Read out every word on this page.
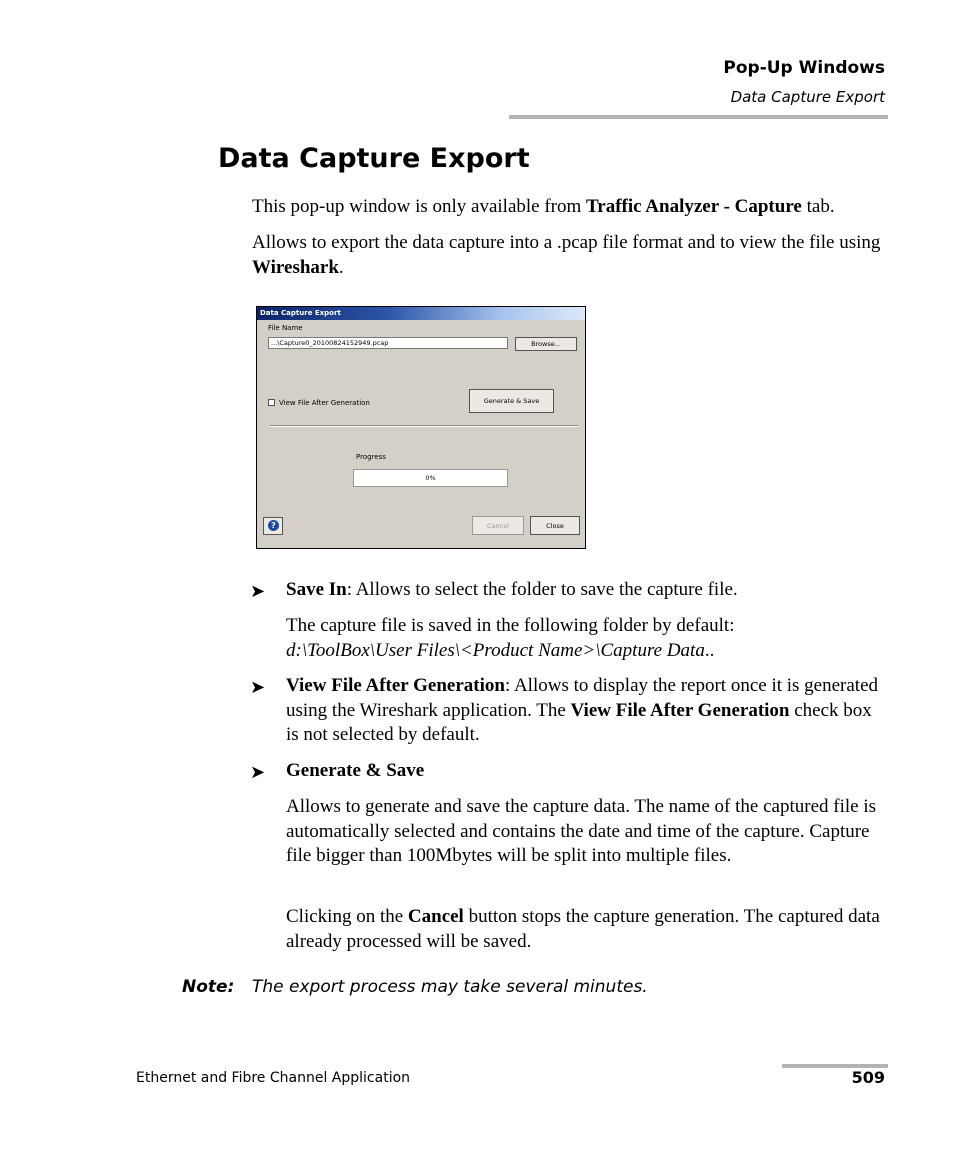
Pop-Up Windows
Data Capture Export
Data Capture Export

This pop-up window is only available from Traffic Analyzer - Capture tab.

Allows to export the data capture into a .pcap file format and to view the file using Wireshark.

Data Capture Export
File Name
...\Capture0_20100824152949.pcap	Browse...
View File After Generation	Generate & Save
Progress
0%
?	Cancel	Close
➤	Save In: Allows to select the folder to save the capture file.
The capture file is saved in the following folder by default:
d:\ToolBox\User Files\<Product Name>\Capture Data..
➤	View File After Generation: Allows to display the report once it is generated using the Wireshark application. The View File After Generation check box is not selected by default.
➤	Generate & Save
Allows to generate and save the capture data. The name of the captured file is automatically selected and contains the date and time of the capture. Capture file bigger than 100Mbytes will be split into multiple files.
Clicking on the Cancel button stops the capture generation. The captured data already processed will be saved.
Note: The export process may take several minutes.
Ethernet and Fibre Channel Application	509
